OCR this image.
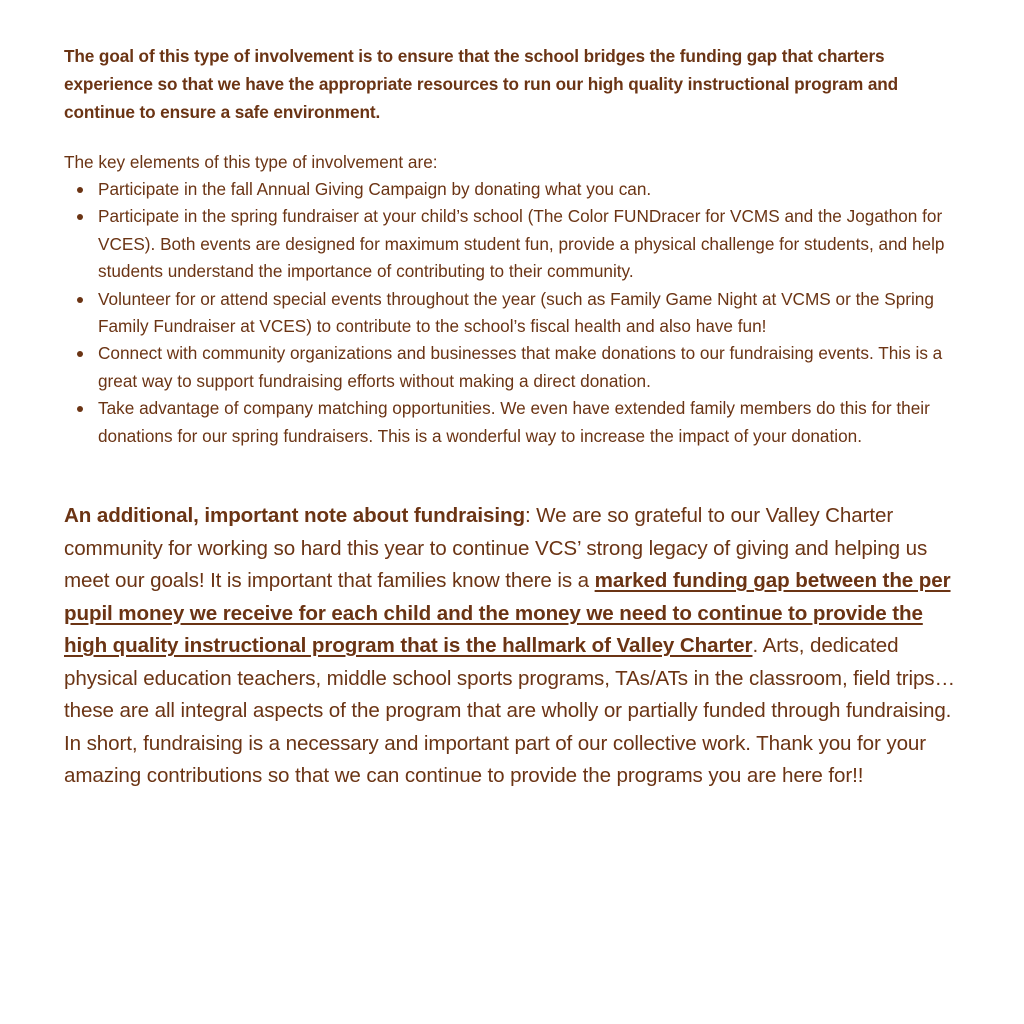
The goal of this type of involvement is to ensure that the school bridges the funding gap that charters experience so that we have the appropriate resources to run our high quality instructional program and continue to ensure a safe environment.

The key elements of this type of involvement are:

Participate in the fall Annual Giving Campaign by donating what you can.
Participate in the spring fundraiser at your child’s school (The Color FUNDracer for VCMS and the Jogathon for VCES). Both events are designed for maximum student fun, provide a physical challenge for students, and help students understand the importance of contributing to their community.
Volunteer for or attend special events throughout the year (such as Family Game Night at VCMS or the Spring Family Fundraiser at VCES) to contribute to the school’s fiscal health and also have fun!
Connect with community organizations and businesses that make donations to our fundraising events. This is a great way to support fundraising efforts without making a direct donation.
Take advantage of company matching opportunities. We even have extended family members do this for their donations for our spring fundraisers. This is a wonderful way to increase the impact of your donation.

An additional, important note about fundraising: We are so grateful to our Valley Charter community for working so hard this year to continue VCS’ strong legacy of giving and helping us meet our goals! It is important that families know there is a marked funding gap between the per pupil money we receive for each child and the money we need to continue to provide the high quality instructional program that is the hallmark of Valley Charter. Arts, dedicated physical education teachers, middle school sports programs, TAs/ATs in the classroom, field trips…these are all integral aspects of the program that are wholly or partially funded through fundraising. In short, fundraising is a necessary and important part of our collective work. Thank you for your amazing contributions so that we can continue to provide the programs you are here for!!
